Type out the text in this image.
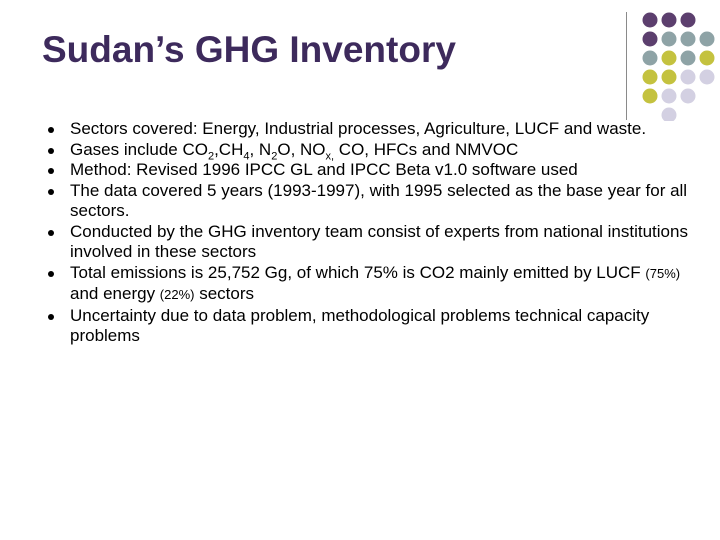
Sudan’s GHG Inventory
Sectors covered: Energy, Industrial processes, Agriculture, LUCF and waste.
Gases include $CO_2,CH_4$, $N_2O$, $NO_{x,}$ CO, HFCs and NMVOC
Method: Revised 1996 IPCC GL and IPCC Beta v1.0 software used
The data covered 5 years (1993-1997), with 1995 selected as the base year for all sectors.
Conducted by the GHG inventory team consist of experts from national institutions involved in these sectors
Total emissions is 25,752 Gg, of which 75% is CO2 mainly emitted by LUCF (75%) and energy (22%) sectors
Uncertainty due to data problem, methodological problems technical capacity problems
